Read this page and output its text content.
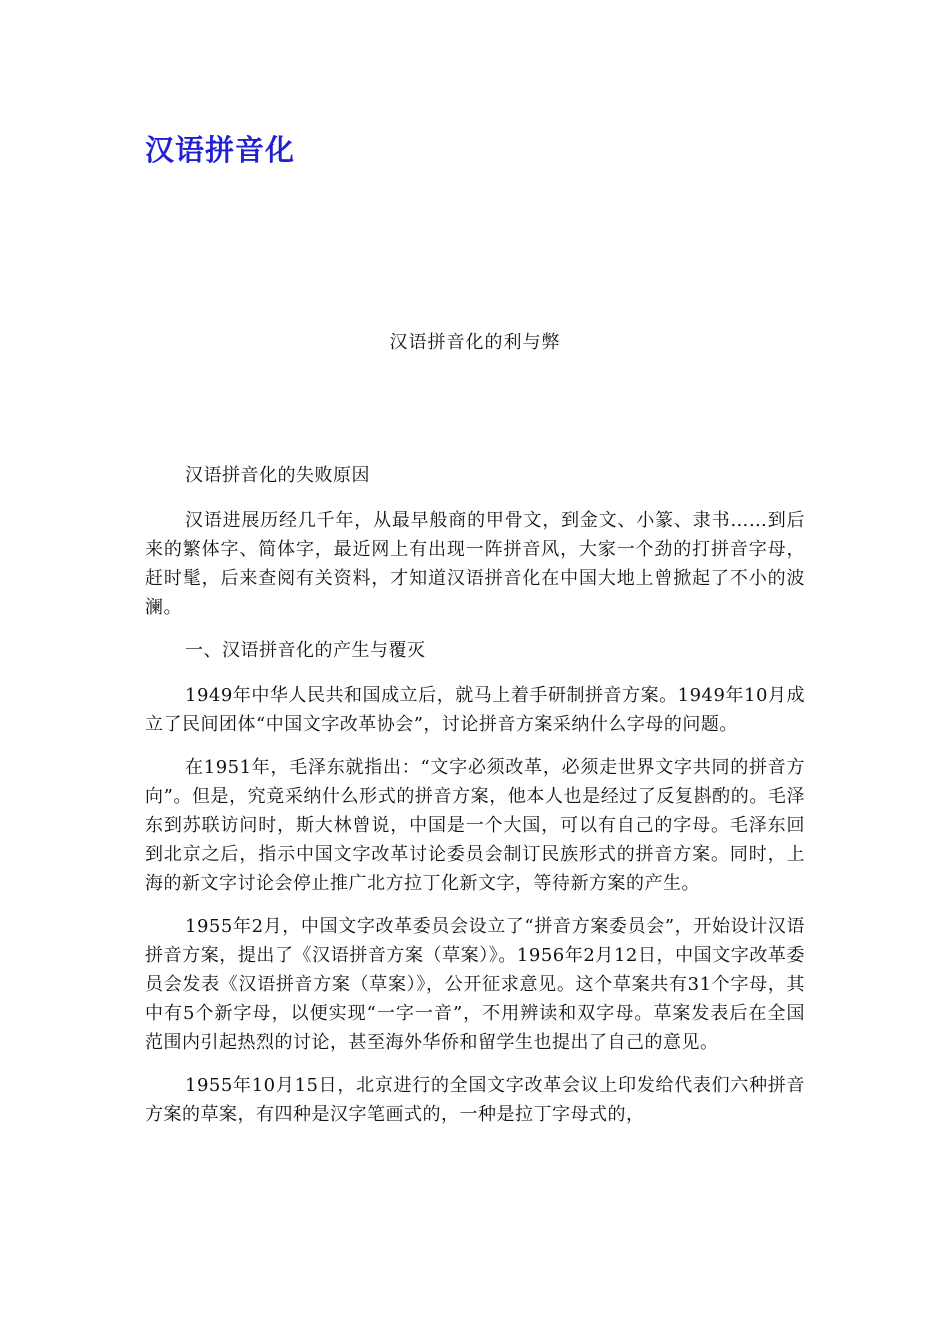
汉语拼音化

汉语拼音化的利与弊

汉语拼音化的失败原因

汉语进展历经几千年，从最早般商的甲骨文，到金文、小篆、隶书……到后来的繁体字、简体字，最近网上有出现一阵拼音风，大家一个劲的打拼音字母，赶时髦，后来查阅有关资料，才知道汉语拼音化在中国大地上曾掀起了不小的波澜。

一、汉语拼音化的产生与覆灭

1949年中华人民共和国成立后，就马上着手研制拼音方案。1949年10月成立了民间团体“中国文字改革协会”，讨论拼音方案采纳什么字母的问题。

在1951年，毛泽东就指出：“文字必须改革，必须走世界文字共同的拼音方向”。但是，究竟采纳什么形式的拼音方案，他本人也是经过了反复斟酌的。毛泽东到苏联访问时，斯大林曾说，中国是一个大国，可以有自己的字母。毛泽东回到北京之后，指示中国文字改革讨论委员会制订民族形式的拼音方案。同时，上海的新文字讨论会停止推广北方拉丁化新文字，等待新方案的产生。

1955年2月，中国文字改革委员会设立了“拼音方案委员会”，开始设计汉语拼音方案，提出了《汉语拼音方案（草案）》。1956年2月12日，中国文字改革委员会发表《汉语拼音方案（草案）》，公开征求意见。这个草案共有31个字母，其中有5个新字母，以便实现“一字一音”，不用辨读和双字母。草案发表后在全国范围内引起热烈的讨论，甚至海外华侨和留学生也提出了自己的意见。

1955年10月15日，北京进行的全国文字改革会议上印发给代表们六种拼音方案的草案，有四种是汉字笔画式的，一种是拉丁字母式的，
